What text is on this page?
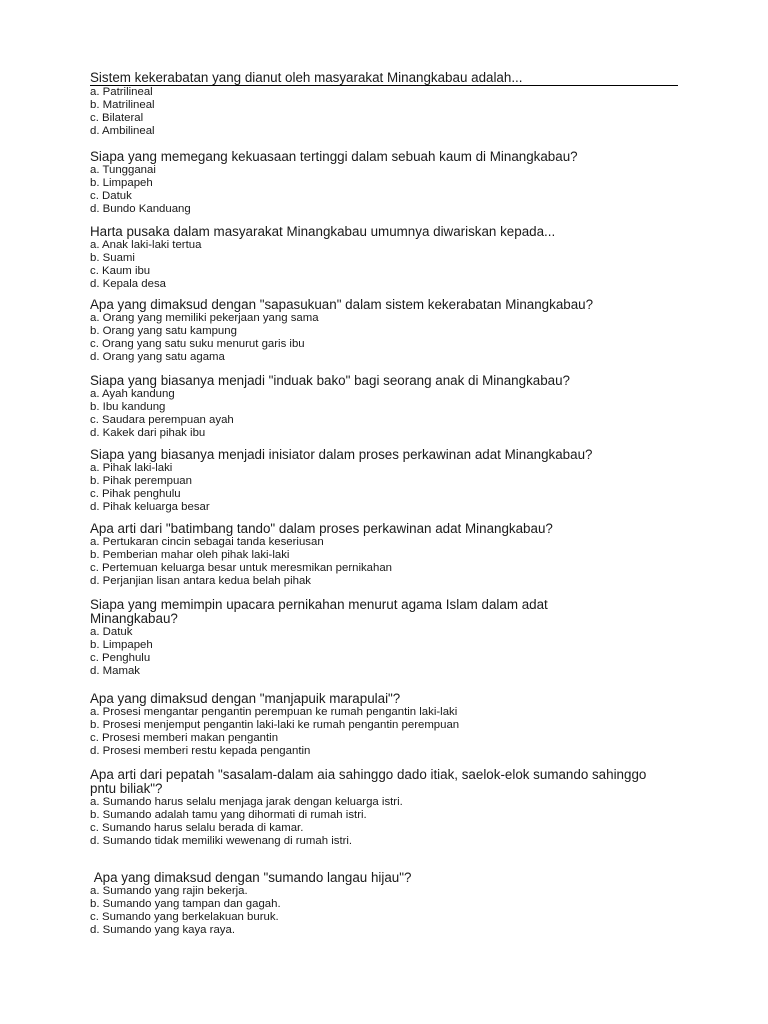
Sistem kekerabatan yang dianut oleh masyarakat Minangkabau adalah...
a. Patrilineal
b. Matrilineal
c. Bilateral
d. Ambilineal
Siapa yang memegang kekuasaan tertinggi dalam sebuah kaum di Minangkabau?
a. Tungganai
b. Limpapeh
c. Datuk
d. Bundo Kanduang
Harta pusaka dalam masyarakat Minangkabau umumnya diwariskan kepada...
a. Anak laki-laki tertua
b. Suami
c. Kaum ibu
d. Kepala desa
Apa yang dimaksud dengan "sapasukuan" dalam sistem kekerabatan Minangkabau?
a. Orang yang memiliki pekerjaan yang sama
b. Orang yang satu kampung
c. Orang yang satu suku menurut garis ibu
d. Orang yang satu agama
Siapa yang biasanya menjadi "induak bako" bagi seorang anak di Minangkabau?
a. Ayah kandung
b. Ibu kandung
c. Saudara perempuan ayah
d. Kakek dari pihak ibu
Siapa yang biasanya menjadi inisiator dalam proses perkawinan adat Minangkabau?
a. Pihak laki-laki
b. Pihak perempuan
c. Pihak penghulu
d. Pihak keluarga besar
Apa arti dari "batimbang tando" dalam proses perkawinan adat Minangkabau?
a. Pertukaran cincin sebagai tanda keseriusan
b. Pemberian mahar oleh pihak laki-laki
c. Pertemuan keluarga besar untuk meresmikan pernikahan
d. Perjanjian lisan antara kedua belah pihak
Siapa yang memimpin upacara pernikahan menurut agama Islam dalam adat Minangkabau?
a. Datuk
b. Limpapeh
c. Penghulu
d. Mamak
Apa yang dimaksud dengan "manjapuik marapulai"?
a. Prosesi mengantar pengantin perempuan ke rumah pengantin laki-laki
b. Prosesi menjemput pengantin laki-laki ke rumah pengantin perempuan
c. Prosesi memberi makan pengantin
d. Prosesi memberi restu kepada pengantin
Apa arti dari pepatah "sasalam-dalam aia sahinggo dado itiak, saelok-elok sumando sahinggo pntu biliak"?
a. Sumando harus selalu menjaga jarak dengan keluarga istri.
b. Sumando adalah tamu yang dihormati di rumah istri.
c. Sumando harus selalu berada di kamar.
d. Sumando tidak memiliki wewenang di rumah istri.
Apa yang dimaksud dengan "sumando langau hijau"?
a. Sumando yang rajin bekerja.
b. Sumando yang tampan dan gagah.
c. Sumando yang berkelakuan buruk.
d. Sumando yang kaya raya.
